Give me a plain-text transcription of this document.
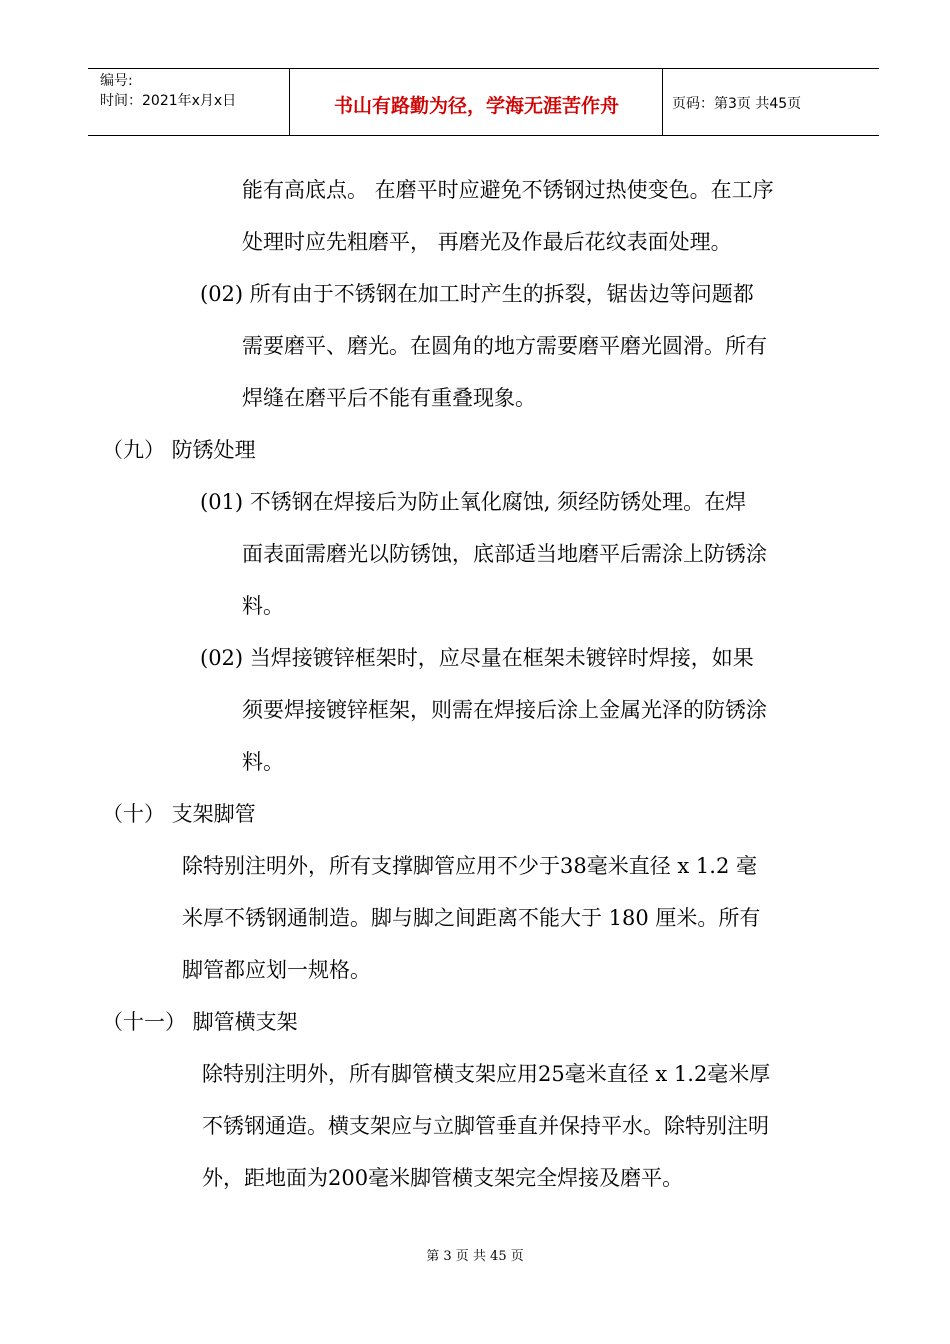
编号:
时间：2021年x月x日	书山有路勤为径，学海无涯苦作舟	页码：第3页 共45页
能有高底点。 在磨平时应避免不锈钢过热使变色。在工序
处理时应先粗磨平， 再磨光及作最后花纹表面处理。
(02) 所有由于不锈钢在加工时产生的拆裂，锯齿边等问题都
需要磨平、磨光。在圆角的地方需要磨平磨光圆滑。所有
焊缝在磨平后不能有重叠现象。
（九） 防锈处理
(01) 不锈钢在焊接后为防止氧化腐蚀, 须经防锈处理。在焊
面表面需磨光以防锈蚀，底部适当地磨平后需涂上防锈涂
料。
(02) 当焊接镀锌框架时，应尽量在框架未镀锌时焊接，如果
须要焊接镀锌框架，则需在焊接后涂上金属光泽的防锈涂
料。
（十） 支架脚管
除特别注明外，所有支撑脚管应用不少于38毫米直径 x 1.2 毫
米厚不锈钢通制造。脚与脚之间距离不能大于 180 厘米。所有
脚管都应划一规格。
（十一） 脚管横支架
除特别注明外，所有脚管横支架应用25毫米直径 x 1.2毫米厚
不锈钢通造。横支架应与立脚管垂直并保持平水。除特别注明
外，距地面为200毫米脚管横支架完全焊接及磨平。
第 3 页 共 45 页
